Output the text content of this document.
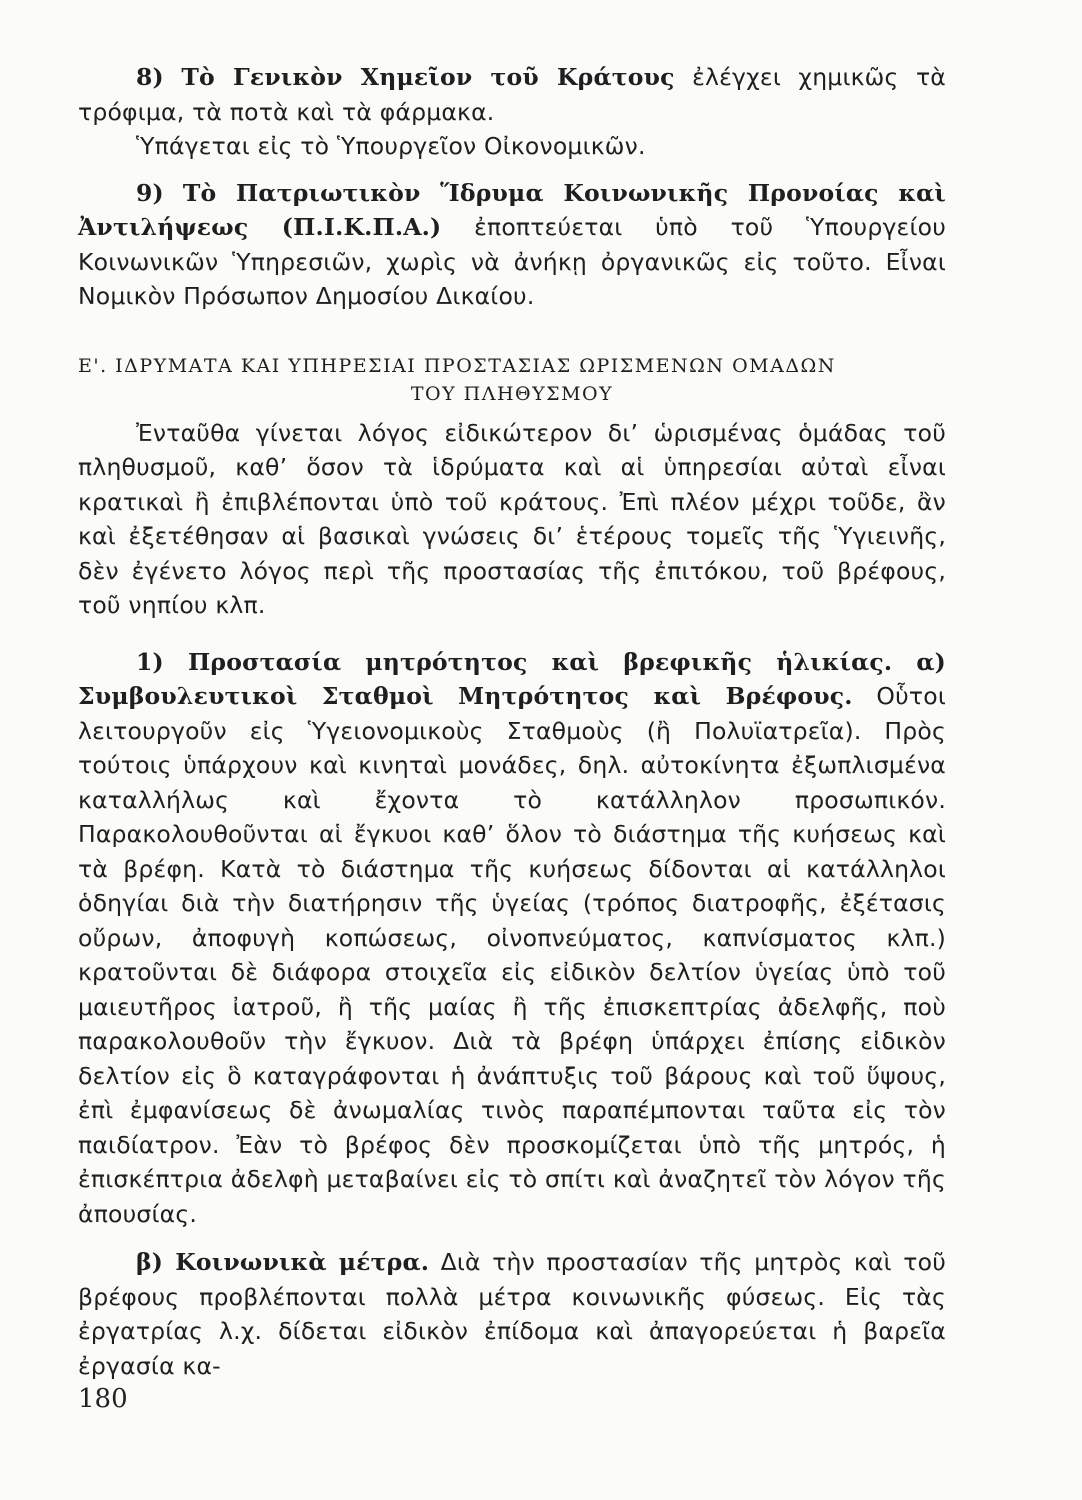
8) Τὸ Γενικὸν Χημεῖον τοῦ Κράτους ἐλέγχει χημικῶς τὰ τρόφιμα, τὰ ποτὰ καὶ τὰ φάρμακα.

Ὑπάγεται εἰς τὸ Ὑπουργεῖον Οἰκονομικῶν.

9) Τὸ Πατριωτικὸν Ἵδρυμα Κοινωνικῆς Προνοίας καὶ Ἀντιλήψεως (Π.Ι.Κ.Π.Α.) ἐποπτεύεται ὑπὸ τοῦ Ὑπουργείου Κοινωνικῶν Ὑπηρεσιῶν, χωρὶς νὰ ἀνήκῃ ὀργανικῶς εἰς τοῦτο. Εἶναι Νομικὸν Πρόσωπον Δημοσίου Δικαίου.

Ε'. ΙΔΡΥΜΑΤΑ ΚΑΙ ΥΠΗΡΕΣΙΑΙ ΠΡΟΣΤΑΣΙΑΣ ΩΡΙΣΜΕΝΩΝ ΟΜΑΔΩΝ
ΤΟΥ ΠΛΗΘΥΣΜΟΥ

Ἐνταῦθα γίνεται λόγος εἰδικώτερον δι’ ὡρισμένας ὁμάδας τοῦ πληθυσμοῦ, καθ’ ὅσον τὰ ἱδρύματα καὶ αἱ ὑπηρεσίαι αὐταὶ εἶναι κρατικαὶ ἢ ἐπιβλέπονται ὑπὸ τοῦ κράτους. Ἐπὶ πλέον μέχρι τοῦδε, ἂν καὶ ἐξετέθησαν αἱ βασικαὶ γνώσεις δι’ ἑτέρους τομεῖς τῆς Ὑγιεινῆς, δὲν ἐγένετο λόγος περὶ τῆς προστασίας τῆς ἐπιτόκου, τοῦ βρέφους, τοῦ νηπίου κλπ.

1) Προστασία μητρότητος καὶ βρεφικῆς ἡλικίας. α) Συμβουλευτικοὶ Σταθμοὶ Μητρότητος καὶ Βρέφους. Οὗτοι λειτουργοῦν εἰς Ὑγειονομικοὺς Σταθμοὺς (ἢ Πολυϊατρεῖα). Πρὸς τούτοις ὑπάρχουν καὶ κινηταὶ μονάδες, δηλ. αὐτοκίνητα ἐξωπλισμένα καταλλήλως καὶ ἔχοντα τὸ κατάλληλον προσωπικόν. Παρακολουθοῦνται αἱ ἔγκυοι καθ’ ὅλον τὸ διάστημα τῆς κυήσεως καὶ τὰ βρέφη. Κατὰ τὸ διάστημα τῆς κυήσεως δίδονται αἱ κατάλληλοι ὁδηγίαι διὰ τὴν διατήρησιν τῆς ὑγείας (τρόπος διατροφῆς, ἐξέτασις οὔρων, ἀποφυγὴ κοπώσεως, οἰνοπνεύματος, καπνίσματος κλπ.) κρατοῦνται δὲ διάφορα στοιχεῖα εἰς εἰδικὸν δελτίον ὑγείας ὑπὸ τοῦ μαιευτῆρος ἰατροῦ, ἢ τῆς μαίας ἢ τῆς ἐπισκεπτρίας ἀδελφῆς, ποὺ παρακολουθοῦν τὴν ἔγκυον. Διὰ τὰ βρέφη ὑπάρχει ἐπίσης εἰδικὸν δελτίον εἰς ὃ καταγράφονται ἡ ἀνάπτυξις τοῦ βάρους καὶ τοῦ ὕψους, ἐπὶ ἐμφανίσεως δὲ ἀνωμαλίας τινὸς παραπέμπονται ταῦτα εἰς τὸν παιδίατρον. Ἐὰν τὸ βρέφος δὲν προσκομίζεται ὑπὸ τῆς μητρός, ἡ ἐπισκέπτρια ἀδελφὴ μεταβαίνει εἰς τὸ σπίτι καὶ ἀναζητεῖ τὸν λόγον τῆς ἀπουσίας.

β) Κοινωνικὰ μέτρα. Διὰ τὴν προστασίαν τῆς μητρὸς καὶ τοῦ βρέφους προβλέπονται πολλὰ μέτρα κοινωνικῆς φύσεως. Εἰς τὰς ἐργατρίας λ.χ. δίδεται εἰδικὸν ἐπίδομα καὶ ἀπαγορεύεται ἡ βαρεῖα ἐργασία κα-

180
